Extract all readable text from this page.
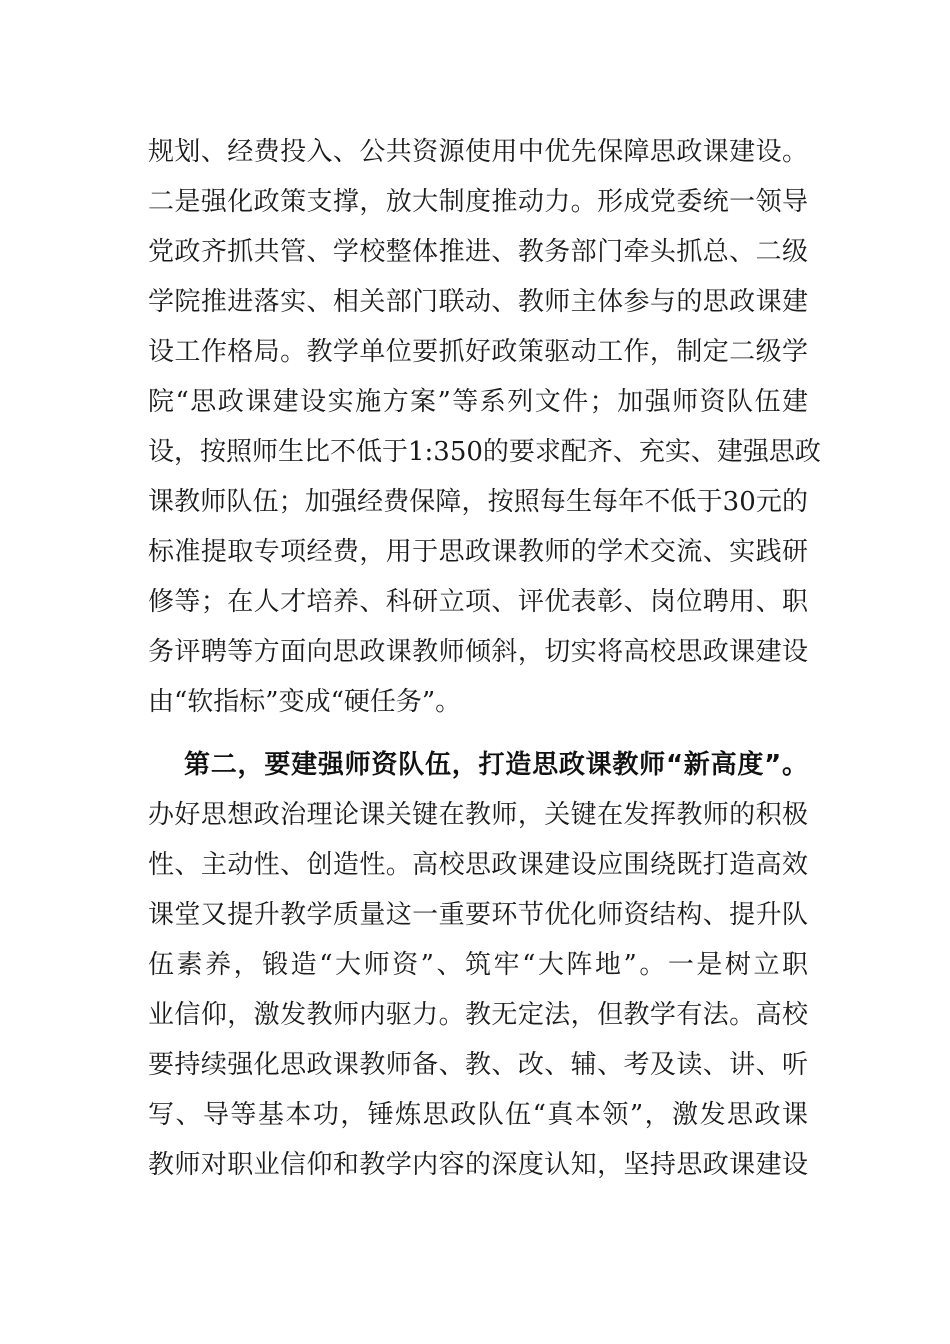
规划、经费投入、公共资源使用中优先保障思政课建设。
二是强化政策支撑，放大制度推动力。形成党委统一领导
党政齐抓共管、学校整体推进、教务部门牵头抓总、二级
学院推进落实、相关部门联动、教师主体参与的思政课建
设工作格局。教学单位要抓好政策驱动工作，制定二级学
院“思政课建设实施方案”等系列文件；加强师资队伍建
设，按照师生比不低于1:350的要求配齐、充实、建强思政
课教师队伍；加强经费保障，按照每生每年不低于30元的
标准提取专项经费，用于思政课教师的学术交流、实践研
修等；在人才培养、科研立项、评优表彰、岗位聘用、职
务评聘等方面向思政课教师倾斜，切实将高校思政课建设
由“软指标”变成“硬任务”。
第二，要建强师资队伍，打造思政课教师“新高度”。
办好思想政治理论课关键在教师，关键在发挥教师的积极
性、主动性、创造性。高校思政课建设应围绕既打造高效
课堂又提升教学质量这一重要环节优化师资结构、提升队
伍素养，锻造“大师资”、筑牢“大阵地”。一是树立职
业信仰，激发教师内驱力。教无定法，但教学有法。高校
要持续强化思政课教师备、教、改、辅、考及读、讲、听
写、导等基本功，锤炼思政队伍“真本领”，激发思政课
教师对职业信仰和教学内容的深度认知，坚持思政课建设
